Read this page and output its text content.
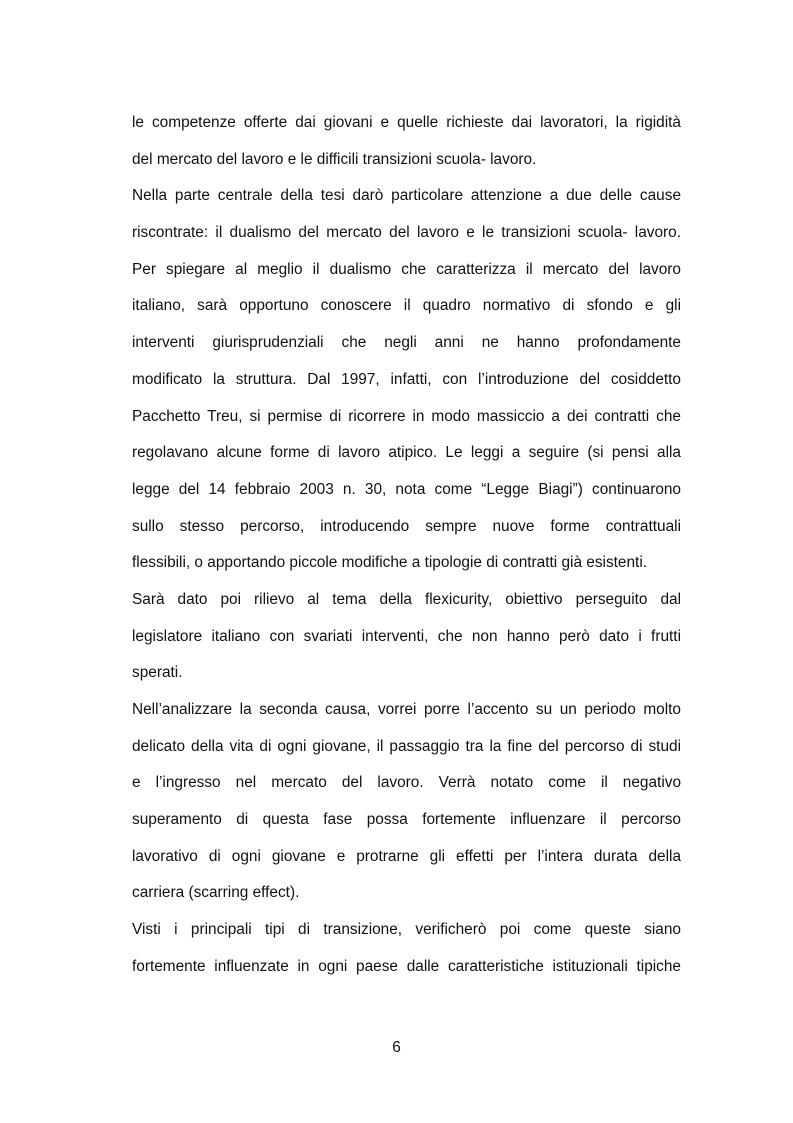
le competenze offerte dai giovani e quelle richieste dai lavoratori, la rigidità
del mercato del lavoro e le difficili transizioni scuola- lavoro.
Nella parte centrale della tesi darò particolare attenzione a due delle cause
riscontrate: il dualismo del mercato del lavoro e le transizioni scuola- lavoro.
Per spiegare al meglio il dualismo che caratterizza il mercato del lavoro
italiano, sarà opportuno conoscere il quadro normativo di sfondo e gli
interventi giurisprudenziali che negli anni ne hanno profondamente
modificato la struttura. Dal 1997, infatti, con l’introduzione del cosiddetto
Pacchetto Treu, si permise di ricorrere in modo massiccio a dei contratti che
regolavano alcune forme di lavoro atipico. Le leggi a seguire (si pensi alla
legge del 14 febbraio 2003 n. 30, nota come “Legge Biagi”) continuarono
sullo stesso percorso, introducendo sempre nuove forme contrattuali
flessibili, o apportando piccole modifiche a tipologie di contratti già esistenti.
Sarà dato poi rilievo al tema della flexicurity, obiettivo perseguito dal
legislatore italiano con svariati interventi, che non hanno però dato i frutti
sperati.
Nell’analizzare la seconda causa, vorrei porre l’accento su un periodo molto
delicato della vita di ogni giovane, il passaggio tra la fine del percorso di studi
e l’ingresso nel mercato del lavoro. Verrà notato come il negativo
superamento di questa fase possa fortemente influenzare il percorso
lavorativo di ogni giovane e protrarne gli effetti per l’intera durata della
carriera (scarring effect).
Visti i principali tipi di transizione, verificherò poi come queste siano
fortemente influenzate in ogni paese dalle caratteristiche istituzionali tipiche
6
